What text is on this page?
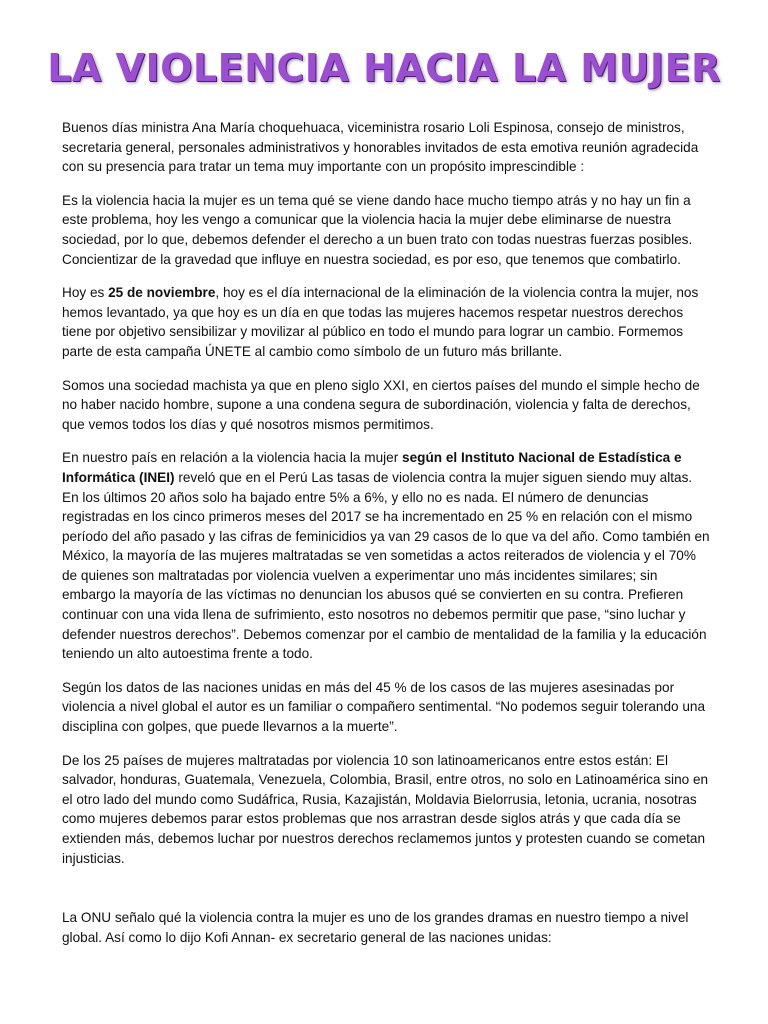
LA VIOLENCIA HACIA LA MUJER

Buenos días ministra Ana María choquehuaca, viceministra rosario Loli Espinosa, consejo de ministros, secretaria general, personales administrativos y honorables invitados de esta emotiva reunión agradecida con su presencia para tratar un tema muy importante con un propósito imprescindible :

Es la violencia hacia la mujer es un tema qué se viene dando hace mucho tiempo atrás y no hay un fin a este problema, hoy les vengo a comunicar que la violencia hacia la mujer debe eliminarse de nuestra sociedad, por lo que, debemos defender el derecho a un buen trato con todas nuestras fuerzas posibles. Concientizar de la gravedad que influye en nuestra sociedad, es por eso, que tenemos que combatirlo.

Hoy es 25 de noviembre, hoy es el día internacional de la eliminación de la violencia contra la mujer, nos hemos levantado, ya que hoy es un día en que todas las mujeres hacemos respetar nuestros derechos tiene por objetivo sensibilizar y movilizar al público en todo el mundo para lograr un cambio. Formemos parte de esta campaña ÚNETE al cambio como símbolo de un futuro más brillante.

Somos una sociedad machista ya que en pleno siglo XXI, en ciertos países del mundo el simple hecho de no haber nacido hombre, supone a una condena segura de subordinación, violencia y falta de derechos, que vemos todos los días y qué nosotros mismos permitimos.

En nuestro país en relación a la violencia hacia la mujer según el Instituto Nacional de Estadística e Informática (INEI) reveló que en el Perú Las tasas de violencia contra la mujer siguen siendo muy altas. En los últimos 20 años solo ha bajado entre 5% a 6%, y ello no es nada. El número de denuncias registradas en los cinco primeros meses del 2017 se ha incrementado en 25 % en relación con el mismo período del año pasado y las cifras de feminicidios ya van 29 casos de lo que va del año. Como también en México, la mayoría de las mujeres maltratadas se ven sometidas a actos reiterados de violencia y el 70% de quienes son maltratadas por violencia vuelven a experimentar uno más incidentes similares; sin embargo la mayoría de las víctimas no denuncian los abusos qué se convierten en su contra. Prefieren continuar con una vida llena de sufrimiento, esto nosotros no debemos permitir que pase, “sino luchar y defender nuestros derechos”. Debemos comenzar por el cambio de mentalidad de la familia y la educación teniendo un alto autoestima frente a todo.

Según los datos de las naciones unidas en más del 45 % de los casos de las mujeres asesinadas por violencia a nivel global el autor es un familiar o compañero sentimental. “No podemos seguir tolerando una disciplina con golpes, que puede llevarnos a la muerte”.

De los 25 países de mujeres maltratadas por violencia 10 son latinoamericanos entre estos están: El salvador, honduras, Guatemala, Venezuela, Colombia, Brasil, entre otros, no solo en Latinoamérica sino en el otro lado del mundo como Sudáfrica, Rusia, Kazajistán, Moldavia Bielorrusia, letonia, ucrania, nosotras como mujeres debemos parar estos problemas que nos arrastran desde siglos atrás y que cada día se extienden más, debemos luchar por nuestros derechos reclamemos juntos y protesten cuando se cometan injusticias.

La ONU señalo qué la violencia contra la mujer es uno de los grandes dramas en nuestro tiempo a nivel global. Así como lo dijo Kofi Annan- ex secretario general de las naciones unidas:
